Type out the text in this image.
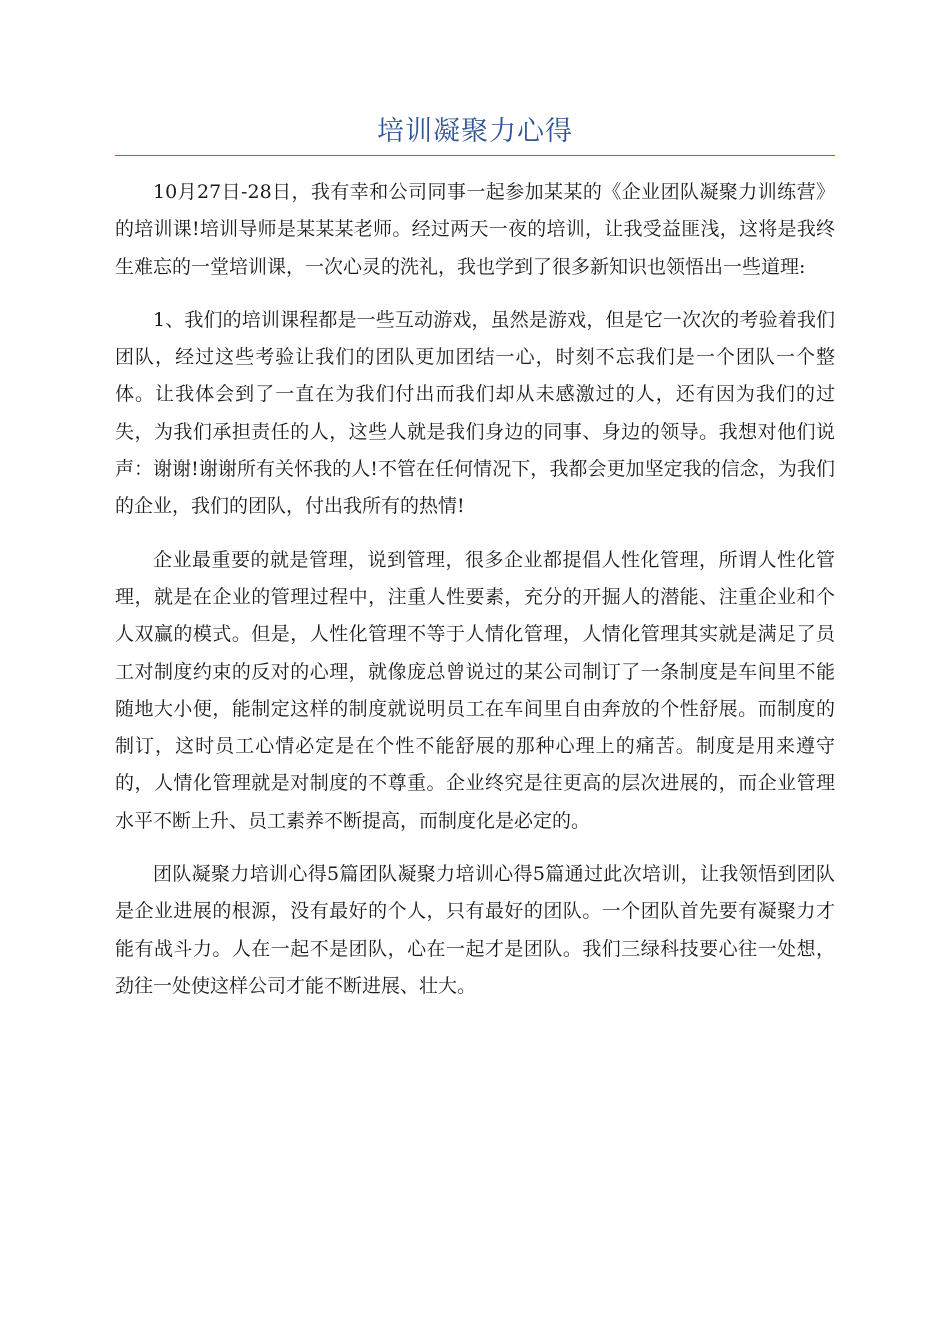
培训凝聚力心得

10月27日-28日，我有幸和公司同事一起参加某某的《企业团队凝聚力训练营》的培训课!培训导师是某某某老师。经过两天一夜的培训，让我受益匪浅，这将是我终生难忘的一堂培训课，一次心灵的洗礼，我也学到了很多新知识也领悟出一些道理:

1、我们的培训课程都是一些互动游戏，虽然是游戏，但是它一次次的考验着我们团队，经过这些考验让我们的团队更加团结一心，时刻不忘我们是一个团队一个整体。让我体会到了一直在为我们付出而我们却从未感激过的人，还有因为我们的过失，为我们承担责任的人，这些人就是我们身边的同事、身边的领导。我想对他们说声：谢谢!谢谢所有关怀我的人!不管在任何情况下，我都会更加坚定我的信念，为我们的企业，我们的团队，付出我所有的热情!

企业最重要的就是管理，说到管理，很多企业都提倡人性化管理，所谓人性化管理，就是在企业的管理过程中，注重人性要素，充分的开掘人的潜能、注重企业和个人双赢的模式。但是，人性化管理不等于人情化管理，人情化管理其实就是满足了员工对制度约束的反对的心理，就像庞总曾说过的某公司制订了一条制度是车间里不能随地大小便，能制定这样的制度就说明员工在车间里自由奔放的个性舒展。而制度的制订，这时员工心情必定是在个性不能舒展的那种心理上的痛苦。制度是用来遵守的，人情化管理就是对制度的不尊重。企业终究是往更高的层次进展的，而企业管理水平不断上升、员工素养不断提高，而制度化是必定的。

团队凝聚力培训心得5篇团队凝聚力培训心得5篇通过此次培训，让我领悟到团队是企业进展的根源，没有最好的个人，只有最好的团队。一个团队首先要有凝聚力才能有战斗力。人在一起不是团队，心在一起才是团队。我们三绿科技要心往一处想，劲往一处使这样公司才能不断进展、壮大。
